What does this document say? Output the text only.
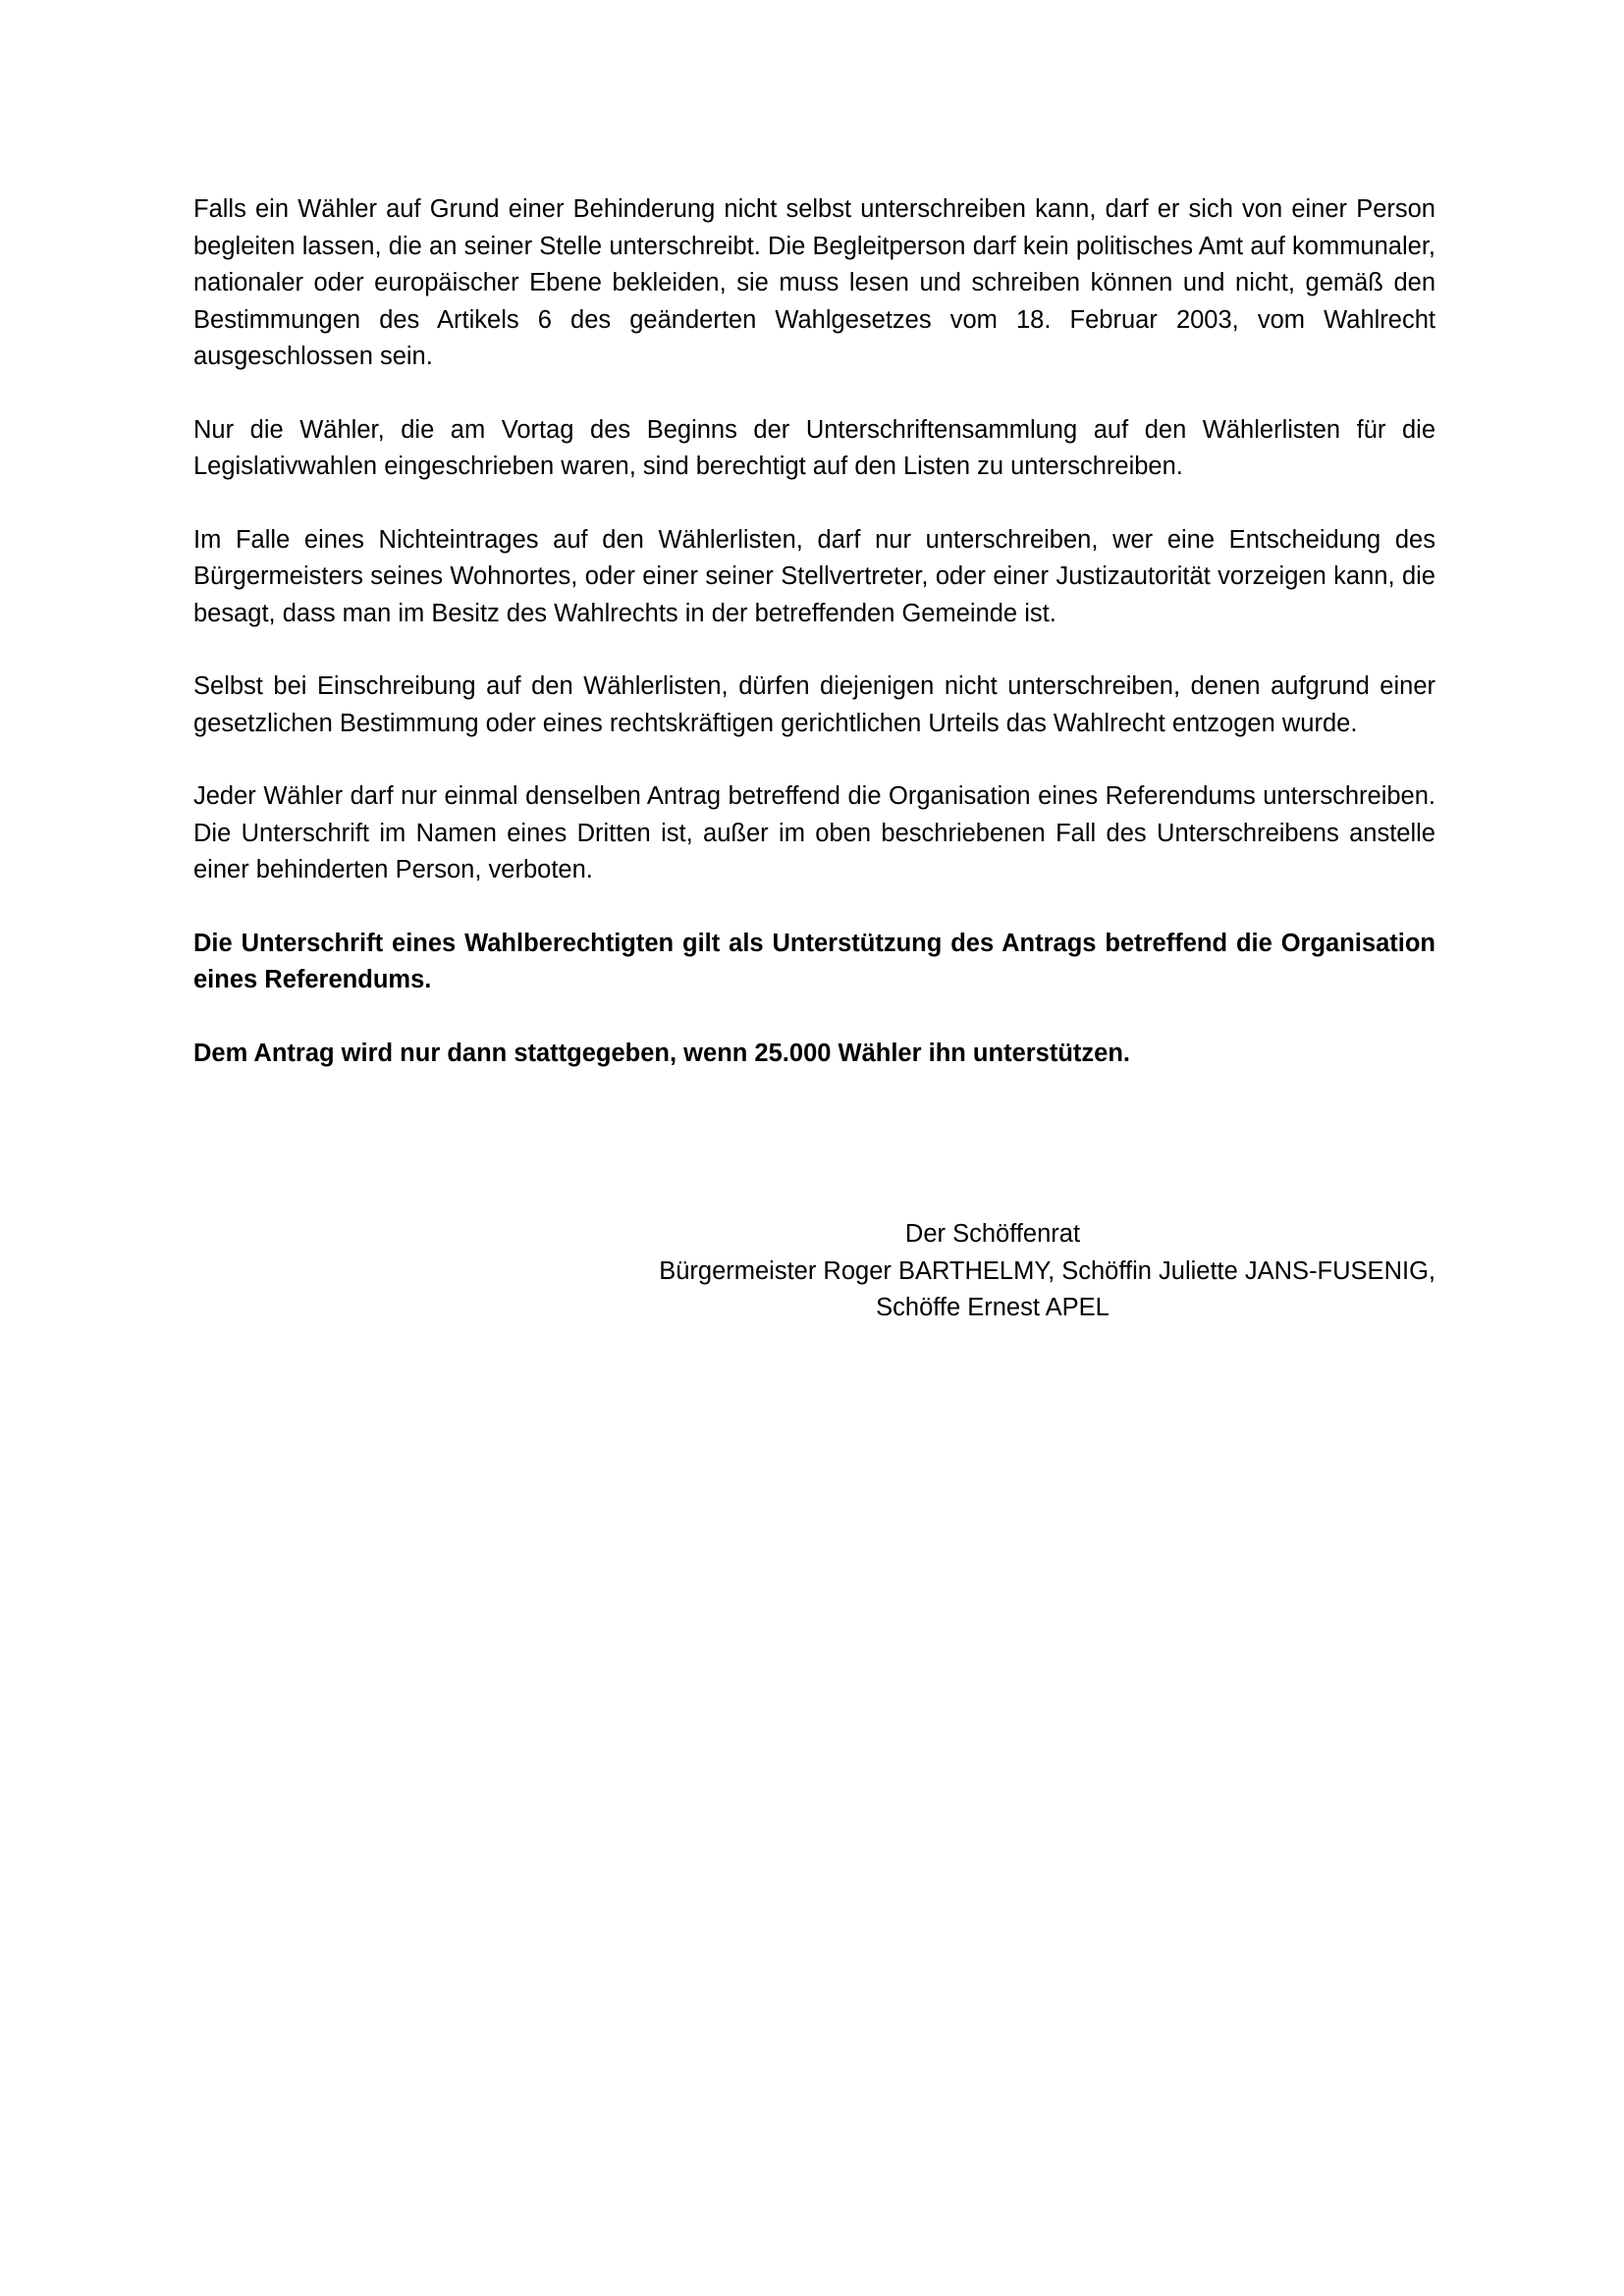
Falls ein Wähler auf Grund einer Behinderung nicht selbst unterschreiben kann, darf er sich von einer Person begleiten lassen, die an seiner Stelle unterschreibt. Die Begleitperson darf kein politisches Amt auf kommunaler, nationaler oder europäischer Ebene bekleiden, sie muss lesen und schreiben können und nicht, gemäß den Bestimmungen des Artikels 6 des geänderten Wahlgesetzes vom 18. Februar 2003, vom Wahlrecht ausgeschlossen sein.

Nur die Wähler, die am Vortag des Beginns der Unterschriftensammlung auf den Wählerlisten für die Legislativwahlen eingeschrieben waren, sind berechtigt auf den Listen zu unterschreiben.

Im Falle eines Nichteintrages auf den Wählerlisten, darf nur unterschreiben, wer eine Entscheidung des Bürgermeisters seines Wohnortes, oder einer seiner Stellvertreter, oder einer Justizautorität vorzeigen kann, die besagt, dass man im Besitz des Wahlrechts in der betreffenden Gemeinde ist.

Selbst bei Einschreibung auf den Wählerlisten, dürfen diejenigen nicht unterschreiben, denen aufgrund einer gesetzlichen Bestimmung oder eines rechtskräftigen gerichtlichen Urteils das Wahlrecht entzogen wurde.

Jeder Wähler darf nur einmal denselben Antrag betreffend die Organisation eines Referendums unterschreiben. Die Unterschrift im Namen eines Dritten ist, außer im oben beschriebenen Fall des Unterschreibens anstelle einer behinderten Person, verboten.

Die Unterschrift eines Wahlberechtigten gilt als Unterstützung des Antrags betreffend die Organisation eines Referendums.

Dem Antrag wird nur dann stattgegeben, wenn 25.000 Wähler ihn unterstützen.

Der Schöffenrat
Bürgermeister Roger BARTHELMY, Schöffin Juliette JANS-FUSENIG,
Schöffe Ernest APEL
